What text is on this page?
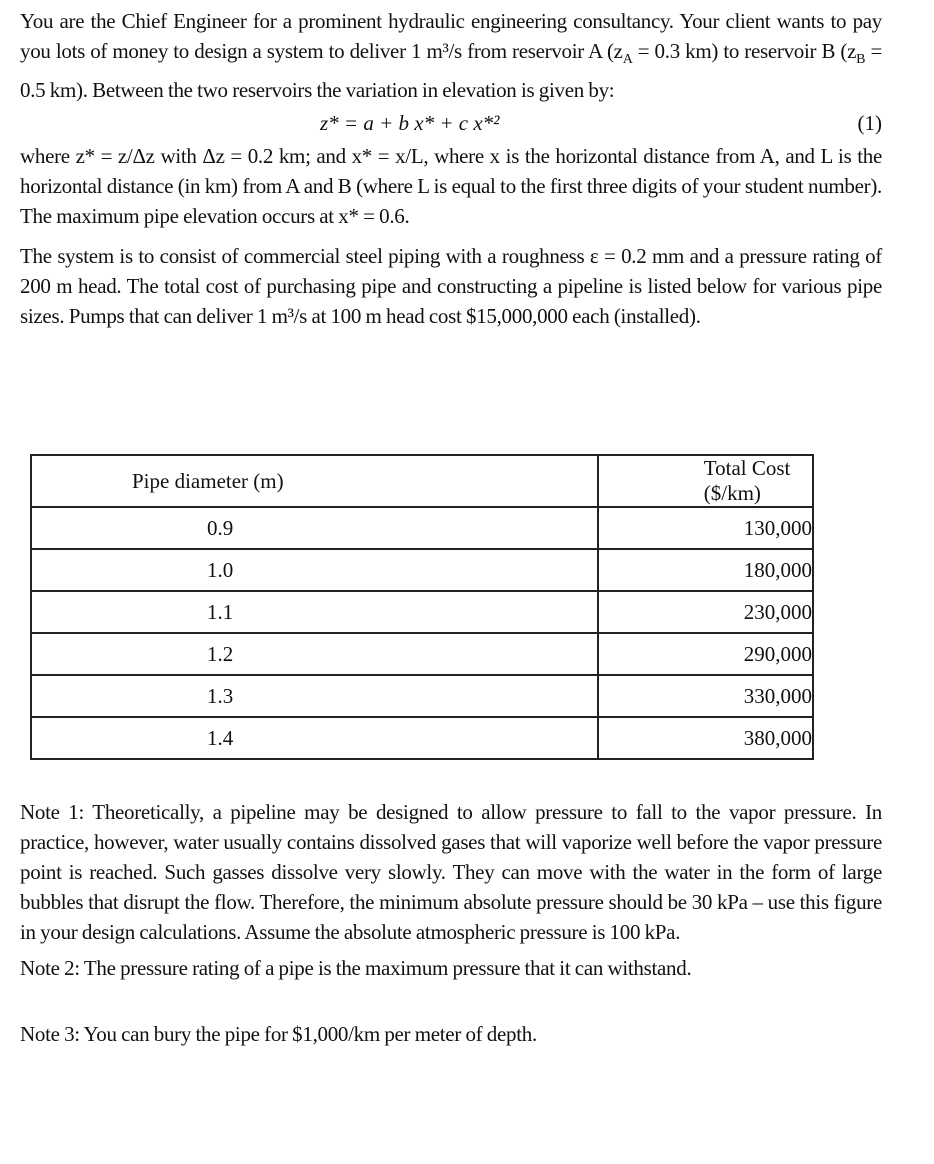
You are the Chief Engineer for a prominent hydraulic engineering consultancy. Your client wants to pay you lots of money to design a system to deliver 1 m³/s from reservoir A ($z_A = 0.3$ km) to reservoir B ($z_B = 0.5$ km). Between the two reservoirs the variation in elevation is given by:

z* = a + b x* + c x*²	(1)

where z* = z/Δz with Δz = 0.2 km; and x* = x/L, where x is the horizontal distance from A, and L is the horizontal distance (in km) from A and B (where L is equal to the first three digits of your student number). The maximum pipe elevation occurs at x* = 0.6.

The system is to consist of commercial steel piping with a roughness ε = 0.2 mm and a pressure rating of 200 m head. The total cost of purchasing pipe and constructing a pipeline is listed below for various pipe sizes. Pumps that can deliver 1 m³/s at 100 m head cost $15,000,000 each (installed).

Pipe diameter (m)	Total Cost ($/km)
0.9	130,000
1.0	180,000
1.1	230,000
1.2	290,000
1.3	330,000
1.4	380,000

Note 1: Theoretically, a pipeline may be designed to allow pressure to fall to the vapor pressure. In practice, however, water usually contains dissolved gases that will vaporize well before the vapor pressure point is reached. Such gasses dissolve very slowly. They can move with the water in the form of large bubbles that disrupt the flow. Therefore, the minimum absolute pressure should be 30 kPa – use this figure in your design calculations. Assume the absolute atmospheric pressure is 100 kPa.

Note 2: The pressure rating of a pipe is the maximum pressure that it can withstand.

Note 3: You can bury the pipe for $1,000/km per meter of depth.
